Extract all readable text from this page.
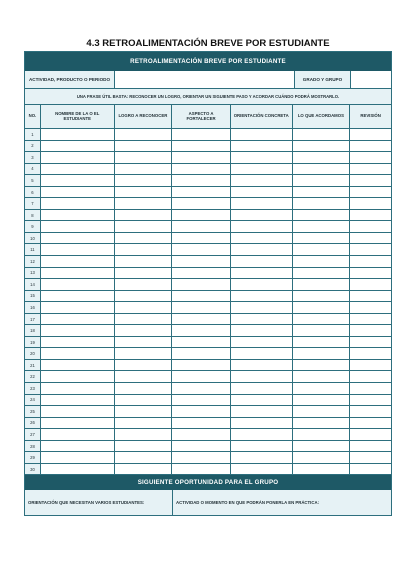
4.3 RETROALIMENTACIÓN BREVE POR ESTUDIANTE
RETROALIMENTACIÓN BREVE POR ESTUDIANTE
ACTIVIDAD, PRODUCTO O PERIODO	GRADO Y GRUPO
UNA FRASE ÚTIL BASTA: RECONOCER UN LOGRO, ORIENTAR UN SIGUIENTE PASO Y ACORDAR CUÁNDO PODRÁ MOSTRARLO.
NO.	NOMBRE DE LA O EL ESTUDIANTE	LOGRO A RECONOCER	ASPECTO A FORTALECER	ORIENTACIÓN CONCRETA	LO QUE ACORDAMOS	REVISIÓN
1
2
3
4
5
6
7
8
9
10
11
12
13
14
15
16
17
18
19
20
21
22
23
24
25
26
27
28
29
30
SIGUIENTE OPORTUNIDAD PARA EL GRUPO
ORIENTACIÓN QUE NECESITAN VARIOS ESTUDIANTES:	ACTIVIDAD O MOMENTO EN QUE PODRÁN PONERLA EN PRÁCTICA:
